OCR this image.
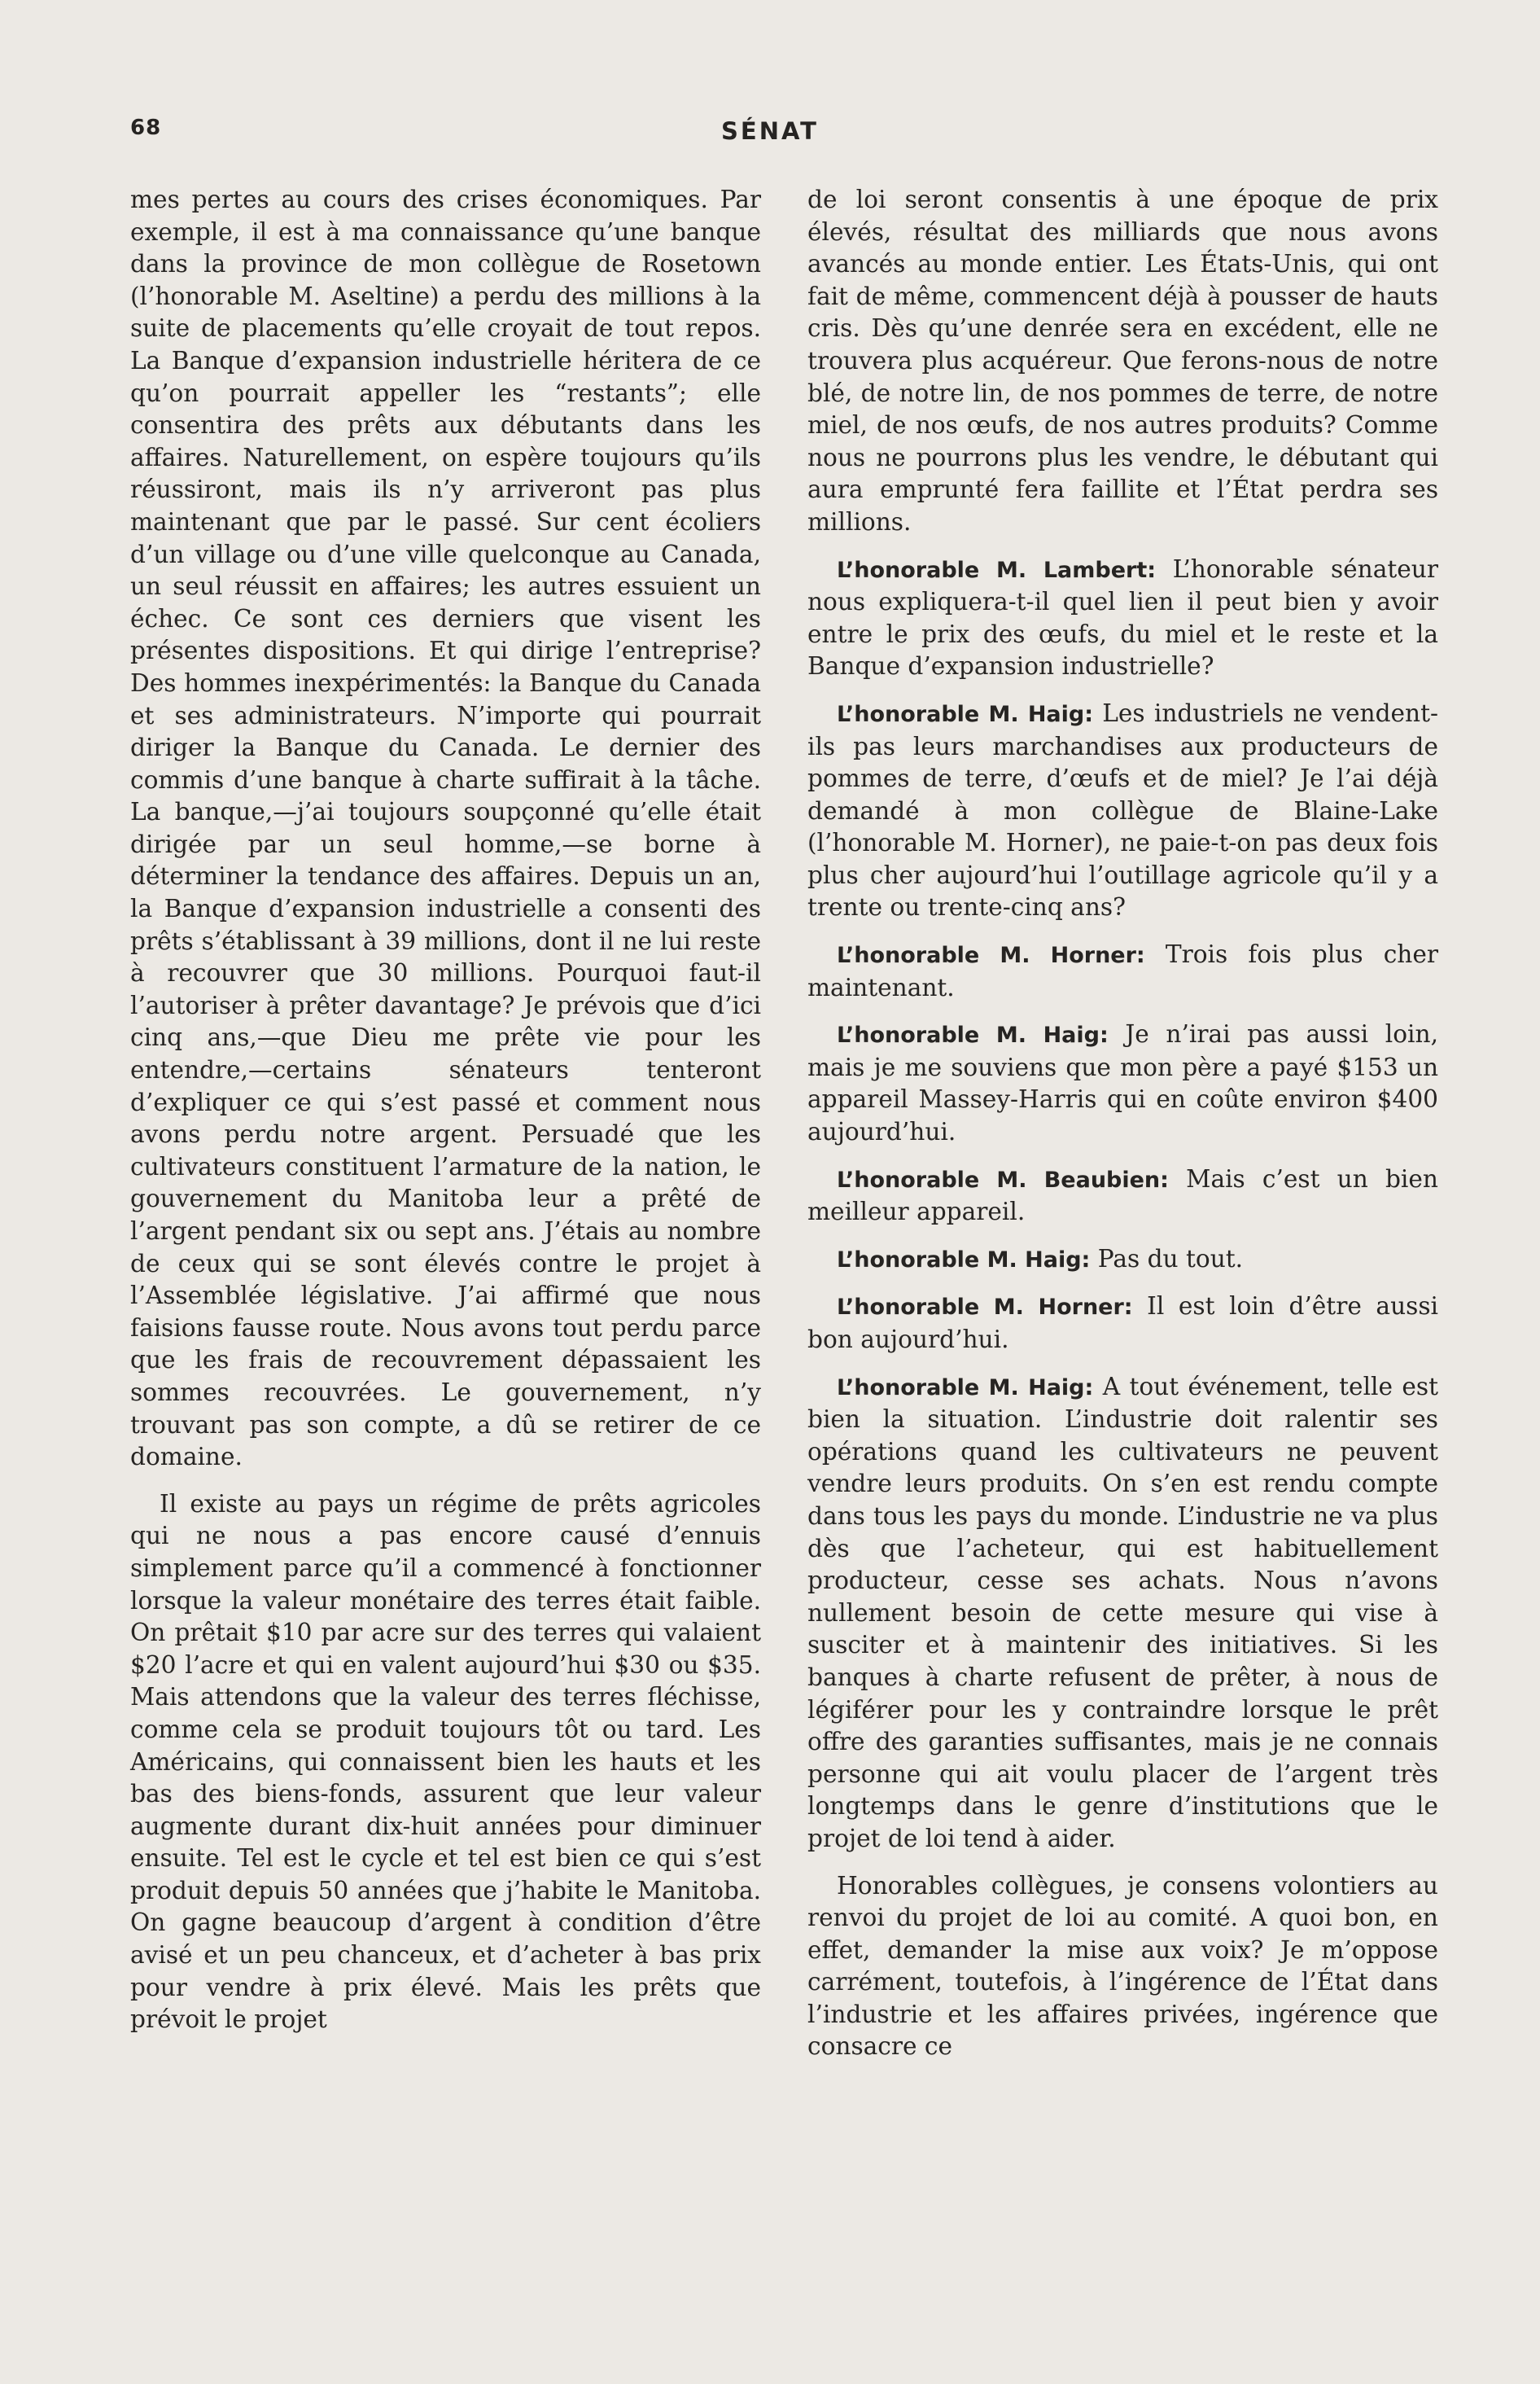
68	SÉNAT

mes pertes au cours des crises économiques. Par exemple, il est à ma connaissance qu’une banque dans la province de mon collègue de Rosetown (l’honorable M. Aseltine) a perdu des millions à la suite de placements qu’elle croyait de tout repos. La Banque d’expansion industrielle héritera de ce qu’on pourrait appeller les “restants”; elle consentira des prêts aux débutants dans les affaires. Naturellement, on espère toujours qu’ils réussiront, mais ils n’y arriveront pas plus maintenant que par le passé. Sur cent écoliers d’un village ou d’une ville quelconque au Canada, un seul réussit en affaires; les autres essuient un échec. Ce sont ces derniers que visent les présentes dispositions. Et qui dirige l’entreprise? Des hommes inexpérimentés: la Banque du Canada et ses administrateurs. N’importe qui pourrait diriger la Banque du Canada. Le dernier des commis d’une banque à charte suffirait à la tâche. La banque,—j’ai toujours soupçonné qu’elle était dirigée par un seul homme,—se borne à déterminer la tendance des affaires. Depuis un an, la Banque d’expansion industrielle a consenti des prêts s’établissant à 39 millions, dont il ne lui reste à recouvrer que 30 millions. Pourquoi faut-il l’autoriser à prêter davantage? Je prévois que d’ici cinq ans,—que Dieu me prête vie pour les entendre,—certains sénateurs tenteront d’expliquer ce qui s’est passé et comment nous avons perdu notre argent. Persuadé que les cultivateurs constituent l’armature de la nation, le gouvernement du Manitoba leur a prêté de l’argent pendant six ou sept ans. J’étais au nombre de ceux qui se sont élevés contre le projet à l’Assemblée législative. J’ai affirmé que nous faisions fausse route. Nous avons tout perdu parce que les frais de recouvrement dépassaient les sommes recouvrées. Le gouvernement, n’y trouvant pas son compte, a dû se retirer de ce domaine.

Il existe au pays un régime de prêts agricoles qui ne nous a pas encore causé d’ennuis simplement parce qu’il a commencé à fonctionner lorsque la valeur monétaire des terres était faible. On prêtait $10 par acre sur des terres qui valaient $20 l’acre et qui en valent aujourd’hui $30 ou $35. Mais attendons que la valeur des terres fléchisse, comme cela se produit toujours tôt ou tard. Les Américains, qui connaissent bien les hauts et les bas des biens-fonds, assurent que leur valeur augmente durant dix-huit années pour diminuer ensuite. Tel est le cycle et tel est bien ce qui s’est produit depuis 50 années que j’habite le Manitoba. On gagne beaucoup d’argent à condition d’être avisé et un peu chanceux, et d’acheter à bas prix pour vendre à prix élevé. Mais les prêts que prévoit le projet

de loi seront consentis à une époque de prix élevés, résultat des milliards que nous avons avancés au monde entier. Les États-Unis, qui ont fait de même, commencent déjà à pousser de hauts cris. Dès qu’une denrée sera en excédent, elle ne trouvera plus acquéreur. Que ferons-nous de notre blé, de notre lin, de nos pommes de terre, de notre miel, de nos œufs, de nos autres produits? Comme nous ne pourrons plus les vendre, le débutant qui aura emprunté fera faillite et l’État perdra ses millions.

L’honorable M. Lambert: L’honorable sénateur nous expliquera-t-il quel lien il peut bien y avoir entre le prix des œufs, du miel et le reste et la Banque d’expansion industrielle?

L’honorable M. Haig: Les industriels ne vendent-ils pas leurs marchandises aux producteurs de pommes de terre, d’œufs et de miel? Je l’ai déjà demandé à mon collègue de Blaine-Lake (l’honorable M. Horner), ne paie-t-on pas deux fois plus cher aujourd’hui l’outillage agricole qu’il y a trente ou trente-cinq ans?

L’honorable M. Horner: Trois fois plus cher maintenant.

L’honorable M. Haig: Je n’irai pas aussi loin, mais je me souviens que mon père a payé $153 un appareil Massey-Harris qui en coûte environ $400 aujourd’hui.

L’honorable M. Beaubien: Mais c’est un bien meilleur appareil.

L’honorable M. Haig: Pas du tout.

L’honorable M. Horner: Il est loin d’être aussi bon aujourd’hui.

L’honorable M. Haig: A tout événement, telle est bien la situation. L’industrie doit ralentir ses opérations quand les cultivateurs ne peuvent vendre leurs produits. On s’en est rendu compte dans tous les pays du monde. L’industrie ne va plus dès que l’acheteur, qui est habituellement producteur, cesse ses achats. Nous n’avons nullement besoin de cette mesure qui vise à susciter et à maintenir des initiatives. Si les banques à charte refusent de prêter, à nous de légiférer pour les y contraindre lorsque le prêt offre des garanties suffisantes, mais je ne connais personne qui ait voulu placer de l’argent très longtemps dans le genre d’institutions que le projet de loi tend à aider.

Honorables collègues, je consens volontiers au renvoi du projet de loi au comité. A quoi bon, en effet, demander la mise aux voix? Je m’oppose carrément, toutefois, à l’ingérence de l’État dans l’industrie et les affaires privées, ingérence que consacre ce
